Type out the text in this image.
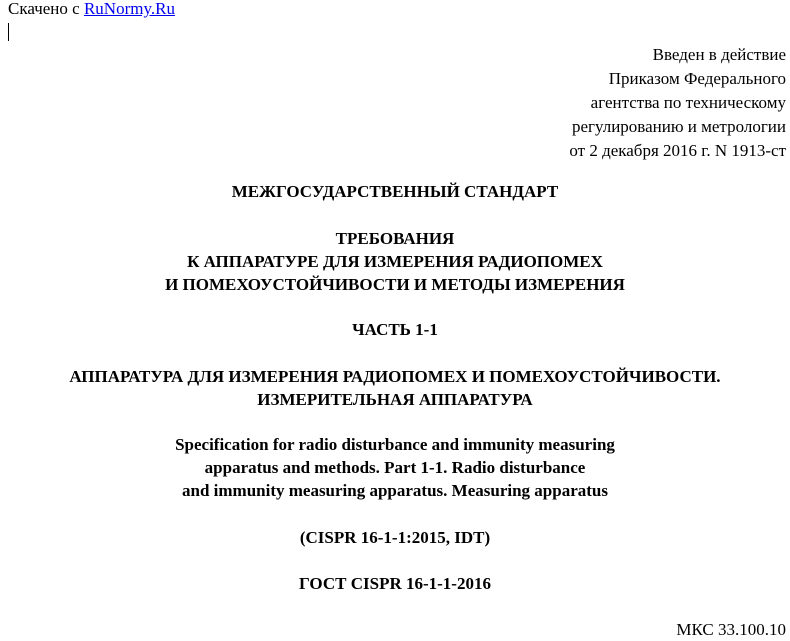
Скачено с RuNormy.Ru
Введен в действие
Приказом Федерального
агентства по техническому
регулированию и метрологии
от 2 декабря 2016 г. N 1913-ст
МЕЖГОСУДАРСТВЕННЫЙ СТАНДАРТ
ТРЕБОВАНИЯ
К АППАРАТУРЕ ДЛЯ ИЗМЕРЕНИЯ РАДИОПОМЕХ
И ПОМЕХОУСТОЙЧИВОСТИ И МЕТОДЫ ИЗМЕРЕНИЯ
ЧАСТЬ 1-1
АППАРАТУРА ДЛЯ ИЗМЕРЕНИЯ РАДИОПОМЕХ И ПОМЕХОУСТОЙЧИВОСТИ.
ИЗМЕРИТЕЛЬНАЯ АППАРАТУРА
Specification for radio disturbance and immunity measuring
apparatus and methods. Part 1-1. Radio disturbance
and immunity measuring apparatus. Measuring apparatus
(CISPR 16-1-1:2015, IDT)
ГОСТ CISPR 16-1-1-2016
МКС 33.100.10
